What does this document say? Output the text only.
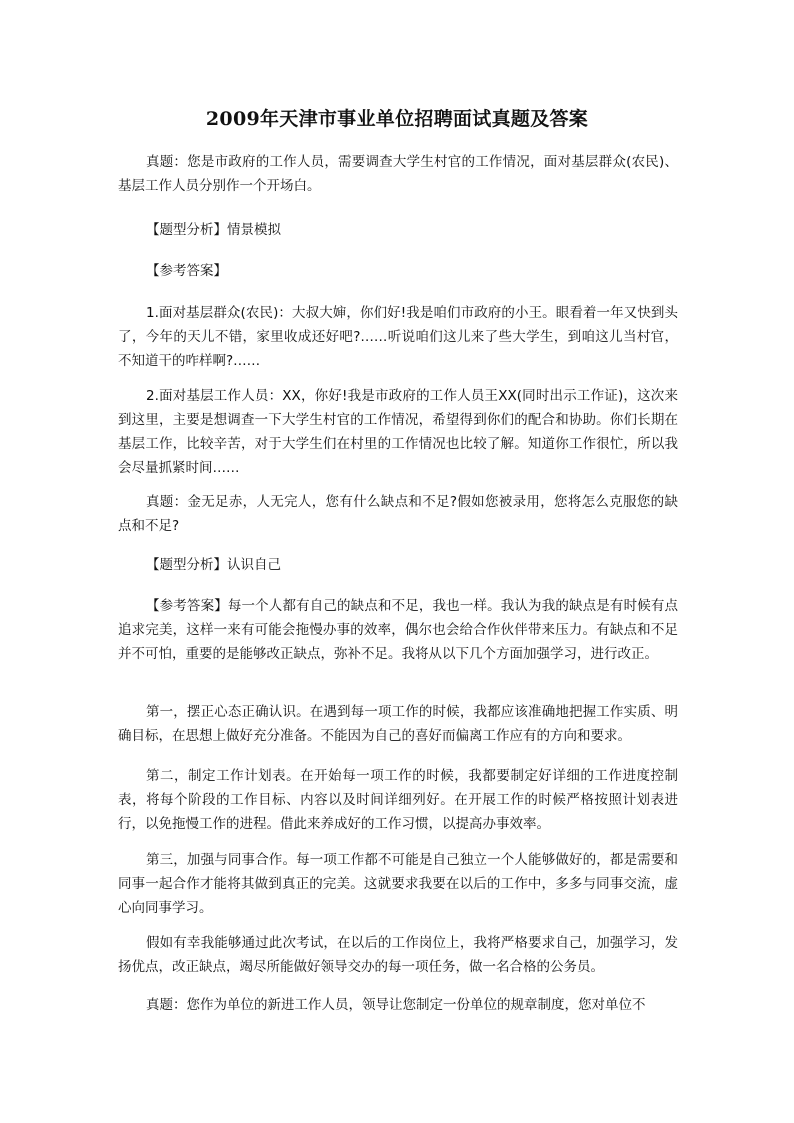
2009年天津市事业单位招聘面试真题及答案

真题：您是市政府的工作人员，需要调查大学生村官的工作情况，面对基层群众(农民)、基层工作人员分别作一个开场白。

【题型分析】情景模拟

【参考答案】

1.面对基层群众(农民)：大叔大婶，你们好!我是咱们市政府的小王。眼看着一年又快到头了，今年的天儿不错，家里收成还好吧?……听说咱们这儿来了些大学生，到咱这儿当村官，不知道干的咋样啊?……

2.面对基层工作人员：XX，你好!我是市政府的工作人员王XX(同时出示工作证)，这次来到这里，主要是想调查一下大学生村官的工作情况，希望得到你们的配合和协助。你们长期在基层工作，比较辛苦，对于大学生们在村里的工作情况也比较了解。知道你工作很忙，所以我会尽量抓紧时间……

真题：金无足赤，人无完人，您有什么缺点和不足?假如您被录用，您将怎么克服您的缺点和不足?

【题型分析】认识自己

【参考答案】每一个人都有自己的缺点和不足，我也一样。我认为我的缺点是有时候有点追求完美，这样一来有可能会拖慢办事的效率，偶尔也会给合作伙伴带来压力。有缺点和不足并不可怕，重要的是能够改正缺点，弥补不足。我将从以下几个方面加强学习，进行改正。

第一，摆正心态正确认识。在遇到每一项工作的时候，我都应该准确地把握工作实质、明确目标，在思想上做好充分准备。不能因为自己的喜好而偏离工作应有的方向和要求。

第二，制定工作计划表。在开始每一项工作的时候，我都要制定好详细的工作进度控制表，将每个阶段的工作目标、内容以及时间详细列好。在开展工作的时候严格按照计划表进行，以免拖慢工作的进程。借此来养成好的工作习惯，以提高办事效率。

第三，加强与同事合作。每一项工作都不可能是自己独立一个人能够做好的，都是需要和同事一起合作才能将其做到真正的完美。这就要求我要在以后的工作中，多多与同事交流，虚心向同事学习。

假如有幸我能够通过此次考试，在以后的工作岗位上，我将严格要求自己，加强学习，发扬优点，改正缺点，竭尽所能做好领导交办的每一项任务，做一名合格的公务员。

真题：您作为单位的新进工作人员，领导让您制定一份单位的规章制度，您对单位不
